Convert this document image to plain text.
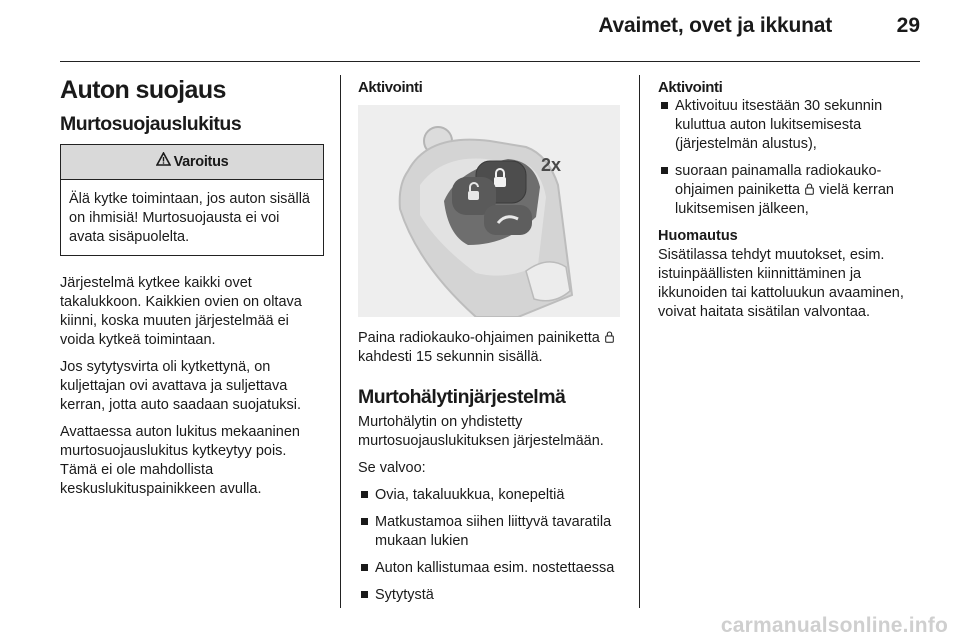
Avaimet, ovet ja ikkunat	29
Auton suojaus
Murtosuojauslukitus
Varoitus
Älä kytke toimintaan, jos auton sisällä on ihmisiä! Murtosuojausta ei voi avata sisäpuolelta.

Järjestelmä kytkee kaikki ovet takalukkoon. Kaikkien ovien on oltava kiinni, koska muuten järjestelmää ei voida kytkeä toimintaan.

Jos sytytysvirta oli kytkettynä, on kuljettajan ovi avattava ja suljettava kerran, jotta auto saadaan suojatuksi.

Avattaessa auton lukitus mekaaninen murtosuojauslukitus kytkeytyy pois. Tämä ei ole mahdollista keskuslukituspainikkeen avulla.

Aktivointi
2x

Paina radiokauko-ohjaimen painiketta  kahdesti 15 sekunnin sisällä.

Murtohälytinjärjestelmä

Murtohälytin on yhdistetty murtosuojauslukituksen järjestelmään.

Se valvoo:

Ovia, takaluukkua, konepeltiä
Matkustamoa siihen liittyvä tavaratila mukaan lukien
Auton kallistumaa esim. nostettaessa
Sytytystä
Aktivointi
Aktivoituu itsestään 30 sekunnin kuluttua auton lukitsemisesta (järjestelmän alustus),
suoraan painamalla radiokauko-ohjaimen painiketta vielä kerran lukitsemisen jälkeen,
Huomautus

Sisätilassa tehdyt muutokset, esim. istuinpäällisten kiinnittäminen ja ikkunoiden tai kattoluukun avaaminen, voivat haitata sisätilan valvontaa.

carmanualsonline.info
